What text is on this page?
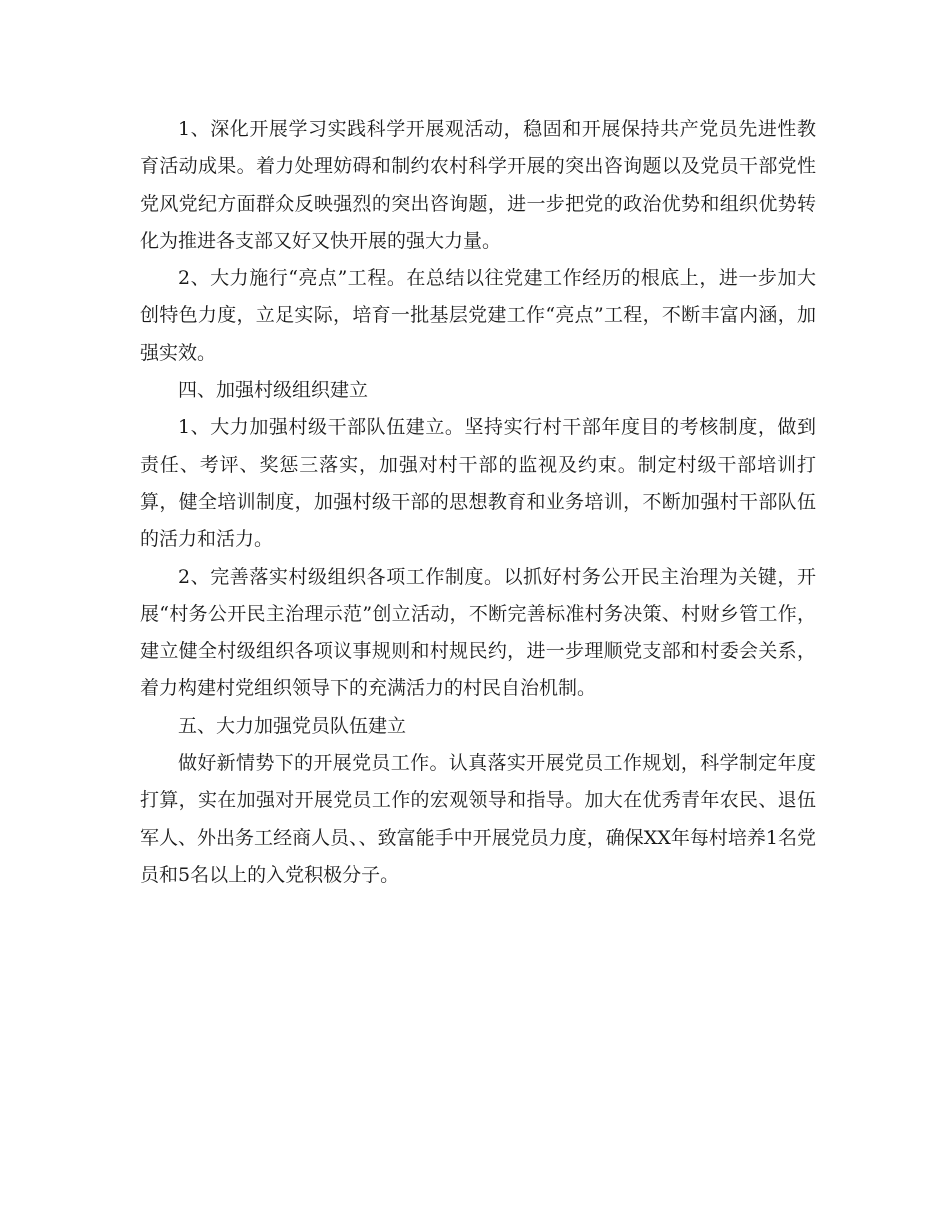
1、深化开展学习实践科学开展观活动，稳固和开展保持共产党员先进性教育活动成果。着力处理妨碍和制约农村科学开展的突出咨询题以及党员干部党性党风党纪方面群众反映强烈的突出咨询题，进一步把党的政治优势和组织优势转化为推进各支部又好又快开展的强大力量。

2、大力施行“亮点”工程。在总结以往党建工作经历的根底上，进一步加大创特色力度，立足实际，培育一批基层党建工作“亮点”工程，不断丰富内涵，加强实效。

四、加强村级组织建立

1、大力加强村级干部队伍建立。坚持实行村干部年度目的考核制度，做到责任、考评、奖惩三落实，加强对村干部的监视及约束。制定村级干部培训打算，健全培训制度，加强村级干部的思想教育和业务培训，不断加强村干部队伍的活力和活力。

2、完善落实村级组织各项工作制度。以抓好村务公开民主治理为关键，开展“村务公开民主治理示范”创立活动，不断完善标准村务决策、村财乡管工作，建立健全村级组织各项议事规则和村规民约，进一步理顺党支部和村委会关系，着力构建村党组织领导下的充满活力的村民自治机制。

五、大力加强党员队伍建立

做好新情势下的开展党员工作。认真落实开展党员工作规划，科学制定年度打算，实在加强对开展党员工作的宏观领导和指导。加大在优秀青年农民、退伍军人、外出务工经商人员、、致富能手中开展党员力度，确保XX年每村培养1名党员和5名以上的入党积极分子。
